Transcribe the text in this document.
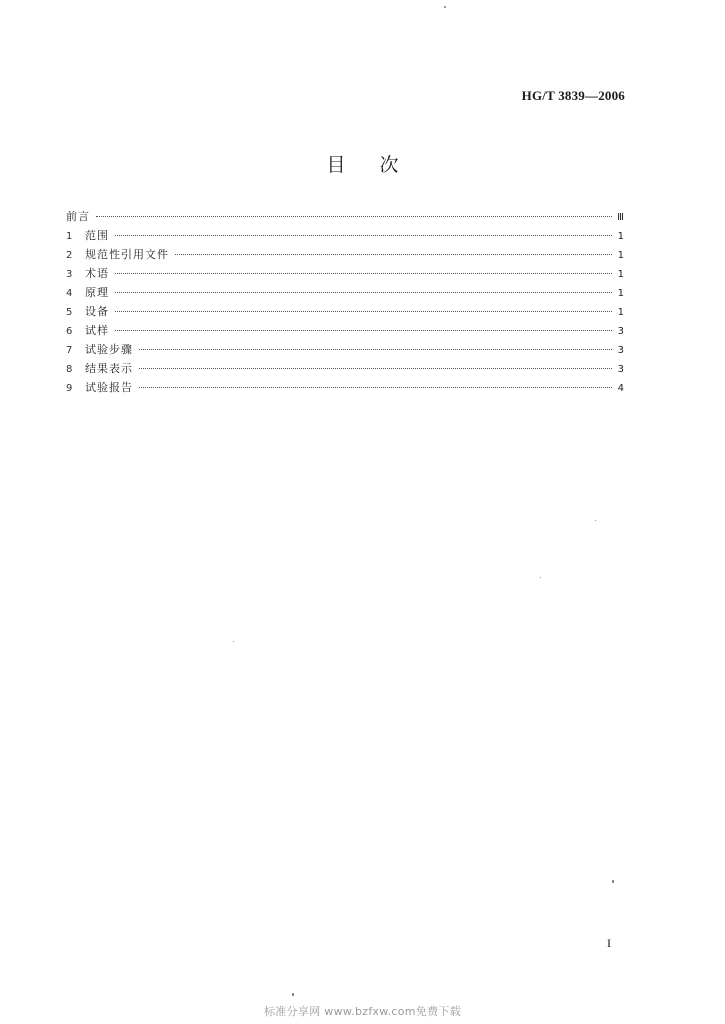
HG/T 3839—2006
目次
前言	Ⅲ
1	范围	1
2	规范性引用文件	1
3	术语	1
4	原理	1
5	设备	1
6	试样	3
7	试验步骤	3
8	结果表示	3
9	试验报告	4
I
标准分享网 www.bzfxw.com免费下载
